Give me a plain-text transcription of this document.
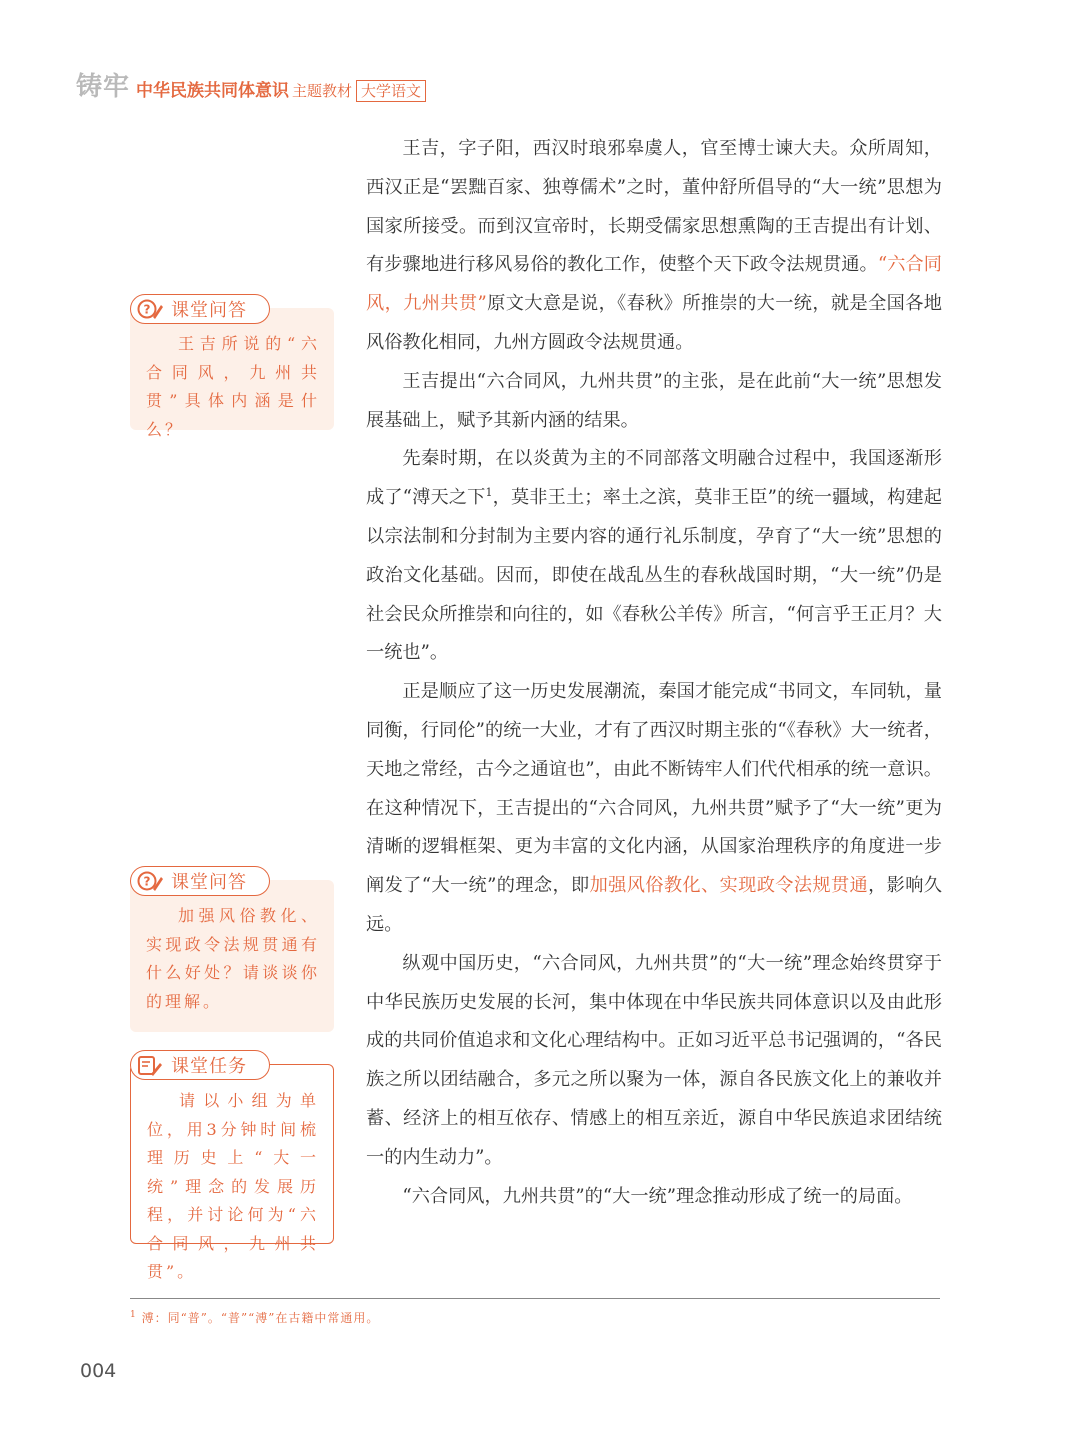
铸牢 中华民族共同体意识 主题教材 大学语文

王吉，字子阳，西汉时琅邪皋虞人，官至博士谏大夫。众所周知，西汉正是“罢黜百家、独尊儒术”之时，董仲舒所倡导的“大一统”思想为国家所接受。而到汉宣帝时，长期受儒家思想熏陶的王吉提出有计划、有步骤地进行移风易俗的教化工作，使整个天下政令法规贯通。“六合同风，九州共贯”原文大意是说，《春秋》所推崇的大一统，就是全国各地风俗教化相同，九州方圆政令法规贯通。

王吉提出“六合同风，九州共贯”的主张，是在此前“大一统”思想发展基础上，赋予其新内涵的结果。

先秦时期，在以炎黄为主的不同部落文明融合过程中，我国逐渐形成了“溥天之下$^1$，莫非王土；率土之滨，莫非王臣”的统一疆域，构建起以宗法制和分封制为主要内容的通行礼乐制度，孕育了“大一统”思想的政治文化基础。因而，即使在战乱丛生的春秋战国时期，“大一统”仍是社会民众所推崇和向往的，如《春秋公羊传》所言，“何言乎王正月？大一统也”。

正是顺应了这一历史发展潮流，秦国才能完成“书同文，车同轨，量同衡，行同伦”的统一大业，才有了西汉时期主张的“《春秋》大一统者，天地之常经，古今之通谊也”，由此不断铸牢人们代代相承的统一意识。在这种情况下，王吉提出的“六合同风，九州共贯”赋予了“大一统”更为清晰的逻辑框架、更为丰富的文化内涵，从国家治理秩序的角度进一步阐发了“大一统”的理念，即加强风俗教化、实现政令法规贯通，影响久远。

纵观中国历史，“六合同风，九州共贯”的“大一统”理念始终贯穿于中华民族历史发展的长河，集中体现在中华民族共同体意识以及由此形成的共同价值追求和文化心理结构中。正如习近平总书记强调的，“各民族之所以团结融合，多元之所以聚为一体，源自各民族文化上的兼收并蓄、经济上的相互依存、情感上的相互亲近，源自中华民族追求团结统一的内生动力”。

“六合同风，九州共贯”的“大一统”理念推动形成了统一的局面。

? 课堂问答

王吉所说的“六合同风，九州共贯”具体内涵是什么？

? 课堂问答

加强风俗教化、实现政令法规贯通有什么好处？请谈谈你的理解。

课堂任务

请以小组为单位，用3分钟时间梳理历史上“大一统”理念的发展历程，并讨论何为“六合同风，九州共贯”。

$^1$ 溥：同“普”。“普”“溥”在古籍中常通用。
004
